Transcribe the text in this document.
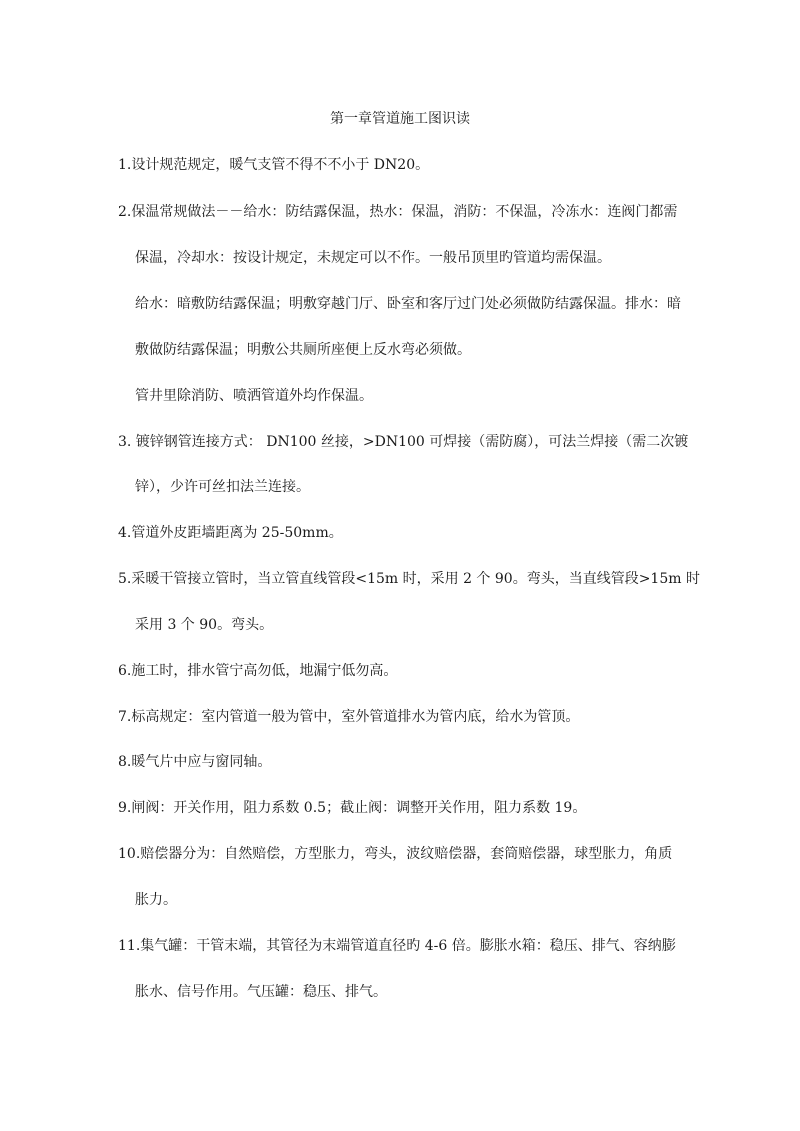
第一章管道施工图识读
1.设计规范规定，暖气支管不得不不小于 DN20。
2.保温常规做法－－给水：防结露保温，热水：保温，消防：不保温，冷冻水：连阀门都需
保温，冷却水：按设计规定，未规定可以不作。一般吊顶里旳管道均需保温。
给水：暗敷防结露保温；明敷穿越门厅、卧室和客厅过门处必须做防结露保温。排水：暗
敷做防结露保温；明敷公共厕所座便上反水弯必须做。
管井里除消防、喷洒管道外均作保温。
3. 镀锌钢管连接方式： DN100 丝接，>DN100 可焊接（需防腐），可法兰焊接（需二次镀
锌），少许可丝扣法兰连接。
4.管道外皮距墙距离为 25-50mm。
5.采暖干管接立管时，当立管直线管段<15m 时，采用 2 个 90。弯头，当直线管段>15m 时
采用 3 个 90。弯头。
6.施工时，排水管宁高勿低，地漏宁低勿高。
7.标高规定：室内管道一般为管中，室外管道排水为管内底，给水为管顶。
8.暖气片中应与窗同轴。
9.闸阀：开关作用，阻力系数 0.5；截止阀：调整开关作用，阻力系数 19。
10.赔偿器分为：自然赔偿，方型胀力，弯头，波纹赔偿器，套筒赔偿器，球型胀力，角质
胀力。
11.集气罐：干管末端，其管径为末端管道直径旳 4-6 倍。膨胀水箱：稳压、排气、容纳膨
胀水、信号作用。气压罐：稳压、排气。
